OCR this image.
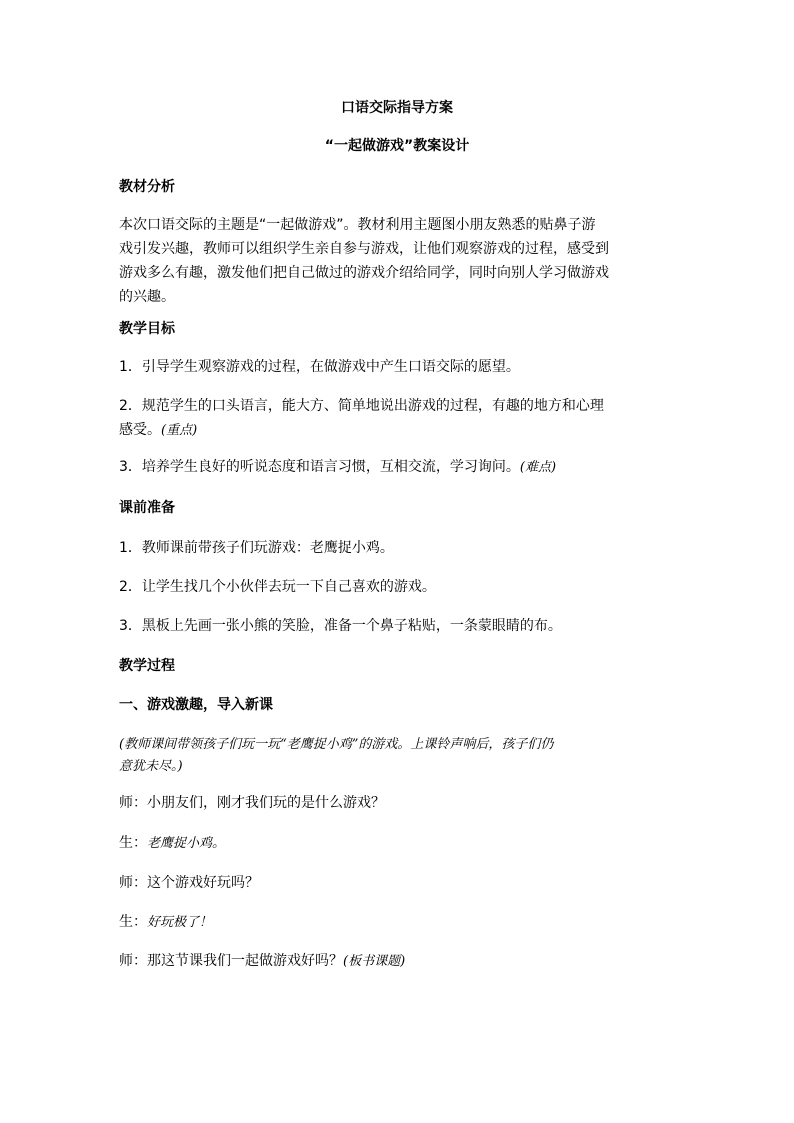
口语交际指导方案
“一起做游戏”教案设计
教材分析
本次口语交际的主题是“一起做游戏”。教材利用主题图小朋友熟悉的贴鼻子游
戏引发兴趣，教师可以组织学生亲自参与游戏，让他们观察游戏的过程，感受到
游戏多么有趣，激发他们把自己做过的游戏介绍给同学，同时向别人学习做游戏
的兴趣。
教学目标
1．引导学生观察游戏的过程，在做游戏中产生口语交际的愿望。
2．规范学生的口头语言，能大方、简单地说出游戏的过程，有趣的地方和心理
感受。(重点)
3．培养学生良好的听说态度和语言习惯，互相交流，学习询问。(难点)
课前准备
1．教师课前带孩子们玩游戏：老鹰捉小鸡。
2．让学生找几个小伙伴去玩一下自己喜欢的游戏。
3．黑板上先画一张小熊的笑脸，准备一个鼻子粘贴，一条蒙眼睛的布。
教学过程
一、游戏激趣，导入新课
(教师课间带领孩子们玩一玩“老鹰捉小鸡”的游戏。上课铃声响后，孩子们仍
意犹未尽。)
师：小朋友们，刚才我们玩的是什么游戏？
生：老鹰捉小鸡。
师：这个游戏好玩吗？
生：好玩极了！
师：那这节课我们一起做游戏好吗？(板书课题)
